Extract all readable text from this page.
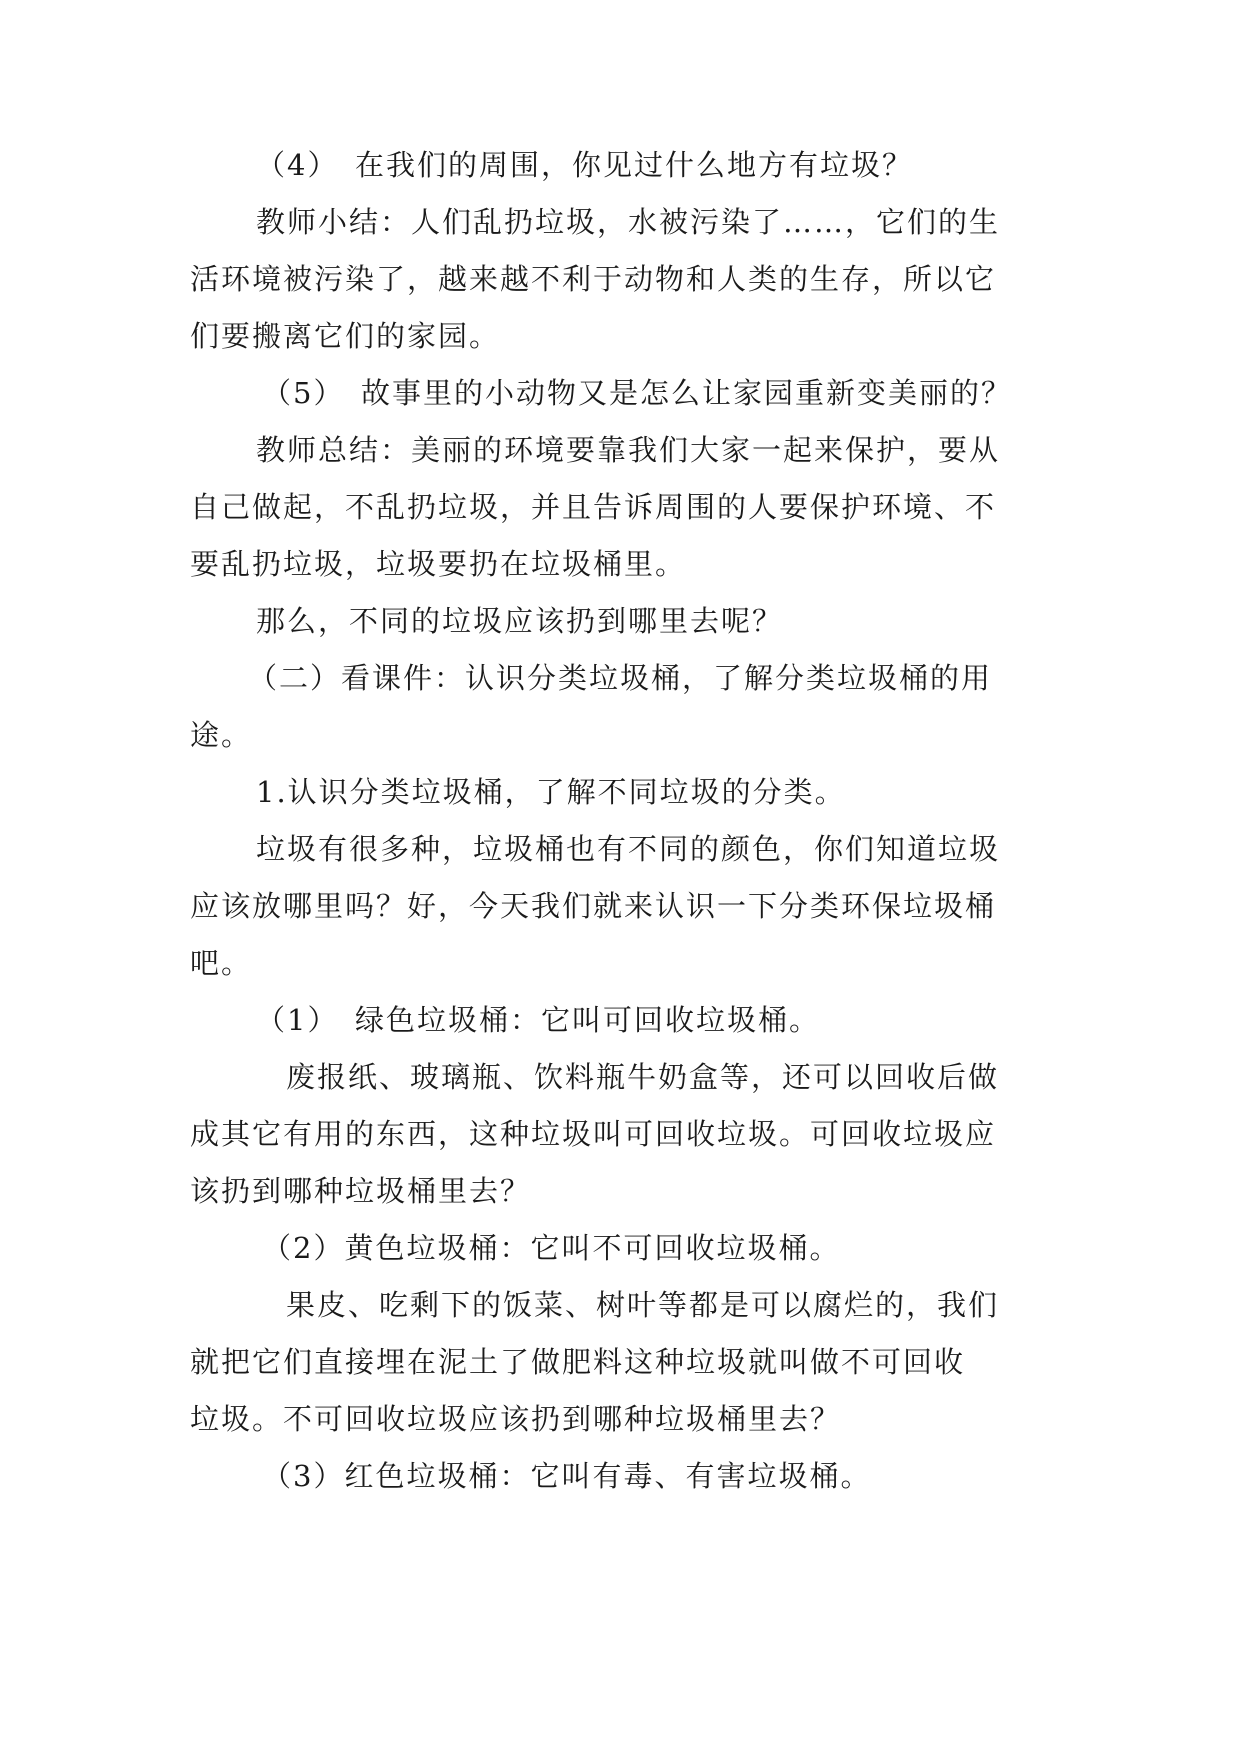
（4）　在我们的周围，你见过什么地方有垃圾？
教师小结：人们乱扔垃圾，水被污染了……，它们的生
活环境被污染了，越来越不利于动物和人类的生存，所以它
们要搬离它们的家园。
（5）　故事里的小动物又是怎么让家园重新变美丽的？
教师总结：美丽的环境要靠我们大家一起来保护，要从
自己做起，不乱扔垃圾，并且告诉周围的人要保护环境、不
要乱扔垃圾，垃圾要扔在垃圾桶里。
那么，不同的垃圾应该扔到哪里去呢？
（二）看课件：认识分类垃圾桶，了解分类垃圾桶的用
途。
1.认识分类垃圾桶，了解不同垃圾的分类。
垃圾有很多种，垃圾桶也有不同的颜色，你们知道垃圾
应该放哪里吗？好，今天我们就来认识一下分类环保垃圾桶
吧。
（1）　绿色垃圾桶：它叫可回收垃圾桶。
废报纸、玻璃瓶、饮料瓶牛奶盒等，还可以回收后做
成其它有用的东西，这种垃圾叫可回收垃圾。可回收垃圾应
该扔到哪种垃圾桶里去？
（2）黄色垃圾桶：它叫不可回收垃圾桶。
果皮、吃剩下的饭菜、树叶等都是可以腐烂的，我们
就把它们直接埋在泥土了做肥料这种垃圾就叫做不可回收
垃圾。不可回收垃圾应该扔到哪种垃圾桶里去？
（3）红色垃圾桶：它叫有毒、有害垃圾桶。
